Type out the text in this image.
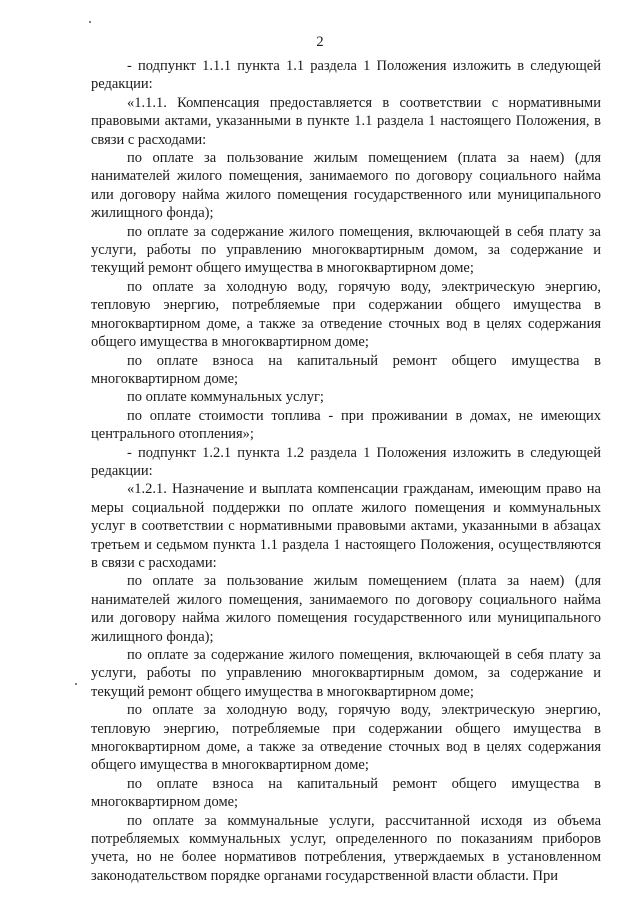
2

- подпункт 1.1.1 пункта 1.1 раздела 1 Положения изложить в следующей редакции:

«1.1.1. Компенсация предоставляется в соответствии с нормативными правовыми актами, указанными в пункте 1.1 раздела 1 настоящего Положения, в связи с расходами:

по оплате за пользование жилым помещением (плата за наем) (для нанимателей жилого помещения, занимаемого по договору социального найма или договору найма жилого помещения государственного или муниципального жилищного фонда);

по оплате за содержание жилого помещения, включающей в себя плату за услуги, работы по управлению многоквартирным домом, за содержание и текущий ремонт общего имущества в многоквартирном доме;

по оплате за холодную воду, горячую воду, электрическую энергию, тепловую энергию, потребляемые при содержании общего имущества в многоквартирном доме, а также за отведение сточных вод в целях содержания общего имущества в многоквартирном доме;

по оплате взноса на капитальный ремонт общего имущества в многоквартирном доме;

по оплате коммунальных услуг;

по оплате стоимости топлива - при проживании в домах, не имеющих центрального отопления»;

- подпункт 1.2.1 пункта 1.2 раздела 1 Положения изложить в следующей редакции:

«1.2.1. Назначение и выплата компенсации гражданам, имеющим право на меры социальной поддержки по оплате жилого помещения и коммунальных услуг в соответствии с нормативными правовыми актами, указанными в абзацах третьем и седьмом пункта 1.1 раздела 1 настоящего Положения, осуществляются в связи с расходами:

по оплате за пользование жилым помещением (плата за наем) (для нанимателей жилого помещения, занимаемого по договору социального найма или договору найма жилого помещения государственного или муниципального жилищного фонда);

по оплате за содержание жилого помещения, включающей в себя плату за услуги, работы по управлению многоквартирным домом, за содержание и текущий ремонт общего имущества в многоквартирном доме;

по оплате за холодную воду, горячую воду, электрическую энергию, тепловую энергию, потребляемые при содержании общего имущества в многоквартирном доме, а также за отведение сточных вод в целях содержания общего имущества в многоквартирном доме;

по оплате взноса на капитальный ремонт общего имущества в многоквартирном доме;

по оплате за коммунальные услуги, рассчитанной исходя из объема потребляемых коммунальных услуг, определенного по показаниям приборов учета, но не более нормативов потребления, утверждаемых в установленном законодательством порядке органами государственной власти области. При
